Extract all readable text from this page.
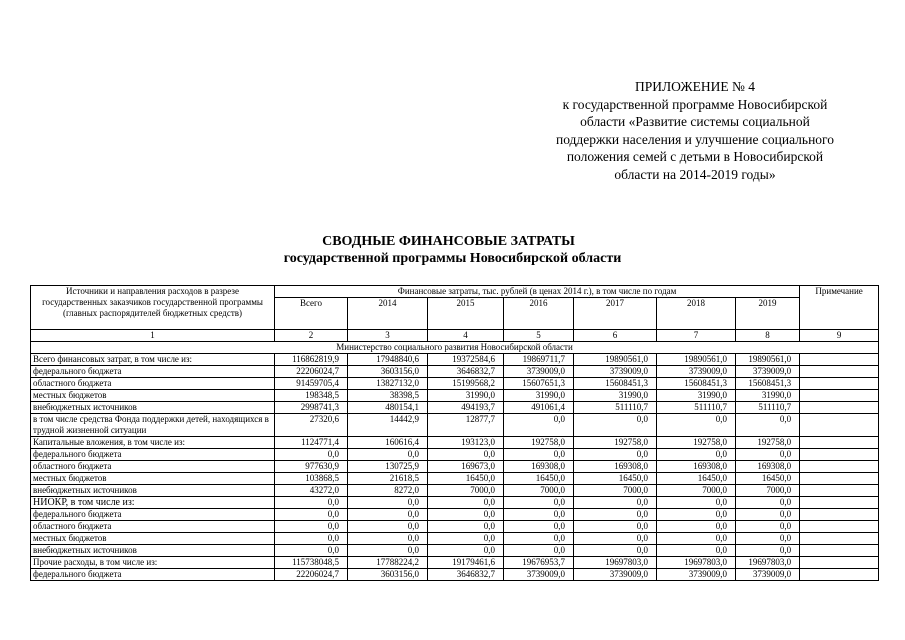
ПРИЛОЖЕНИЕ № 4
к государственной программе Новосибирской
области «Развитие системы социальной
поддержки населения и улучшение социального
положения семей с детьми в Новосибирской
области на 2014-2019 годы»
СВОДНЫЕ ФИНАНСОВЫЕ ЗАТРАТЫ
государственной программы Новосибирской области
Источники и направления расходов в разрезе государственных заказчиков государственной программы (главных распорядителей бюджетных средств)	Финансовые затраты, тыс. рублей (в ценах 2014 г.), в том числе по годам							Примечание
	Всего	2014	2015	2016	2017	2018	2019	
1	2	3	4	5	6	7	8	9
Министерство социального развития Новосибирской области								
Всего финансовых затрат, в том числе из:	116862819,9	17948840,6	19372584,6	19869711,7	19890561,0	19890561,0	19890561,0	
федерального бюджета	22206024,7	3603156,0	3646832,7	3739009,0	3739009,0	3739009,0	3739009,0	
областного бюджета	91459705,4	13827132,0	15199568,2	15607651,3	15608451,3	15608451,3	15608451,3	
местных бюджетов	198348,5	38398,5	31990,0	31990,0	31990,0	31990,0	31990,0	
внебюджетных источников	2998741,3	480154,1	494193,7	491061,4	511110,7	511110,7	511110,7	
в том числе средства Фонда поддержки детей, находящихся в трудной жизненной ситуации	27320,6	14442,9	12877,7	0,0	0,0	0,0	0,0	
Капитальные вложения, в том числе из:	1124771,4	160616,4	193123,0	192758,0	192758,0	192758,0	192758,0	
федерального бюджета	0,0	0,0	0,0	0,0	0,0	0,0	0,0	
областного бюджета	977630,9	130725,9	169673,0	169308,0	169308,0	169308,0	169308,0	
местных бюджетов	103868,5	21618,5	16450,0	16450,0	16450,0	16450,0	16450,0	
внебюджетных источников	43272,0	8272,0	7000,0	7000,0	7000,0	7000,0	7000,0	
НИОКР, в том числе из:	0,0	0,0	0,0	0,0	0,0	0,0	0,0	
федерального бюджета	0,0	0,0	0,0	0,0	0,0	0,0	0,0	
областного бюджета	0,0	0,0	0,0	0,0	0,0	0,0	0,0	
местных бюджетов	0,0	0,0	0,0	0,0	0,0	0,0	0,0	
внебюджетных источников	0,0	0,0	0,0	0,0	0,0	0,0	0,0	
Прочие расходы, в том числе из:	115738048,5	17788224,2	19179461,6	19676953,7	19697803,0	19697803,0	19697803,0	
федерального бюджета	22206024,7	3603156,0	3646832,7	3739009,0	3739009,0	3739009,0	3739009,0	
